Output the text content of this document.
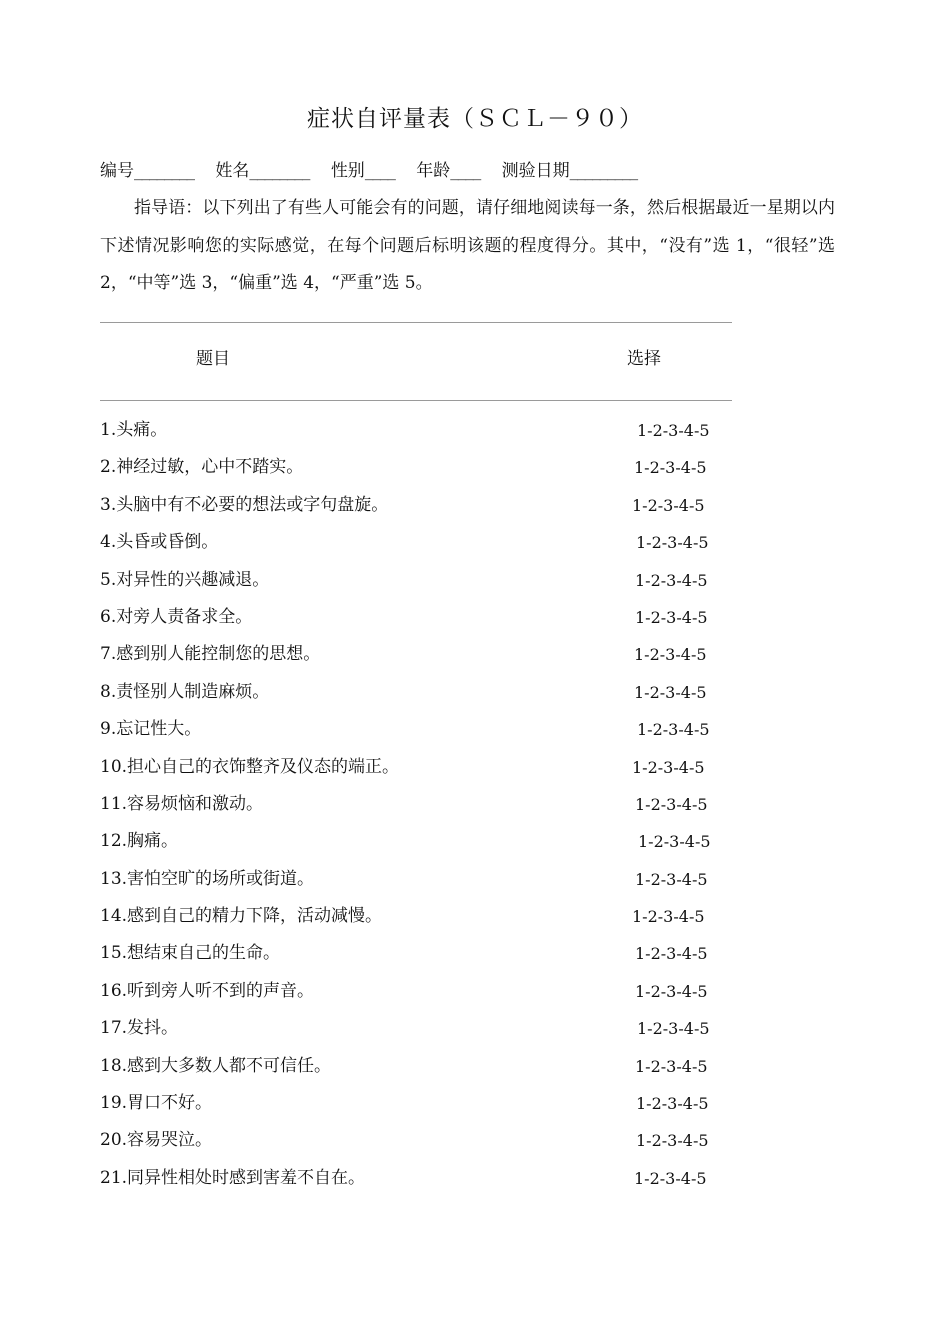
症状自评量表（ＳＣＬ－９０）
编号________ 姓名________ 性别____ 年龄____ 测验日期_________

指导语：以下列出了有些人可能会有的问题，请仔细地阅读每一条，然后根据最近一星期以内下述情况影响您的实际感觉，在每个问题后标明该题的程度得分。其中，“没有”选 1，“很轻”选 2，“中等”选 3，“偏重”选 4，“严重”选 5。

题目	选择
1.头痛。	1-2-3-4-5
2.神经过敏，心中不踏实。	1-2-3-4-5
3.头脑中有不必要的想法或字句盘旋。	1-2-3-4-5
4.头昏或昏倒。	1-2-3-4-5
5.对异性的兴趣减退。	1-2-3-4-5
6.对旁人责备求全。	1-2-3-4-5
7.感到别人能控制您的思想。	1-2-3-4-5
8.责怪别人制造麻烦。	1-2-3-4-5
9.忘记性大。	1-2-3-4-5
10.担心自己的衣饰整齐及仪态的端正。	1-2-3-4-5
11.容易烦恼和激动。	1-2-3-4-5
12.胸痛。	1-2-3-4-5
13.害怕空旷的场所或街道。	1-2-3-4-5
14.感到自己的精力下降，活动减慢。	1-2-3-4-5
15.想结束自己的生命。	1-2-3-4-5
16.听到旁人听不到的声音。	1-2-3-4-5
17.发抖。	1-2-3-4-5
18.感到大多数人都不可信任。	1-2-3-4-5
19.胃口不好。	1-2-3-4-5
20.容易哭泣。	1-2-3-4-5
21.同异性相处时感到害羞不自在。	1-2-3-4-5
